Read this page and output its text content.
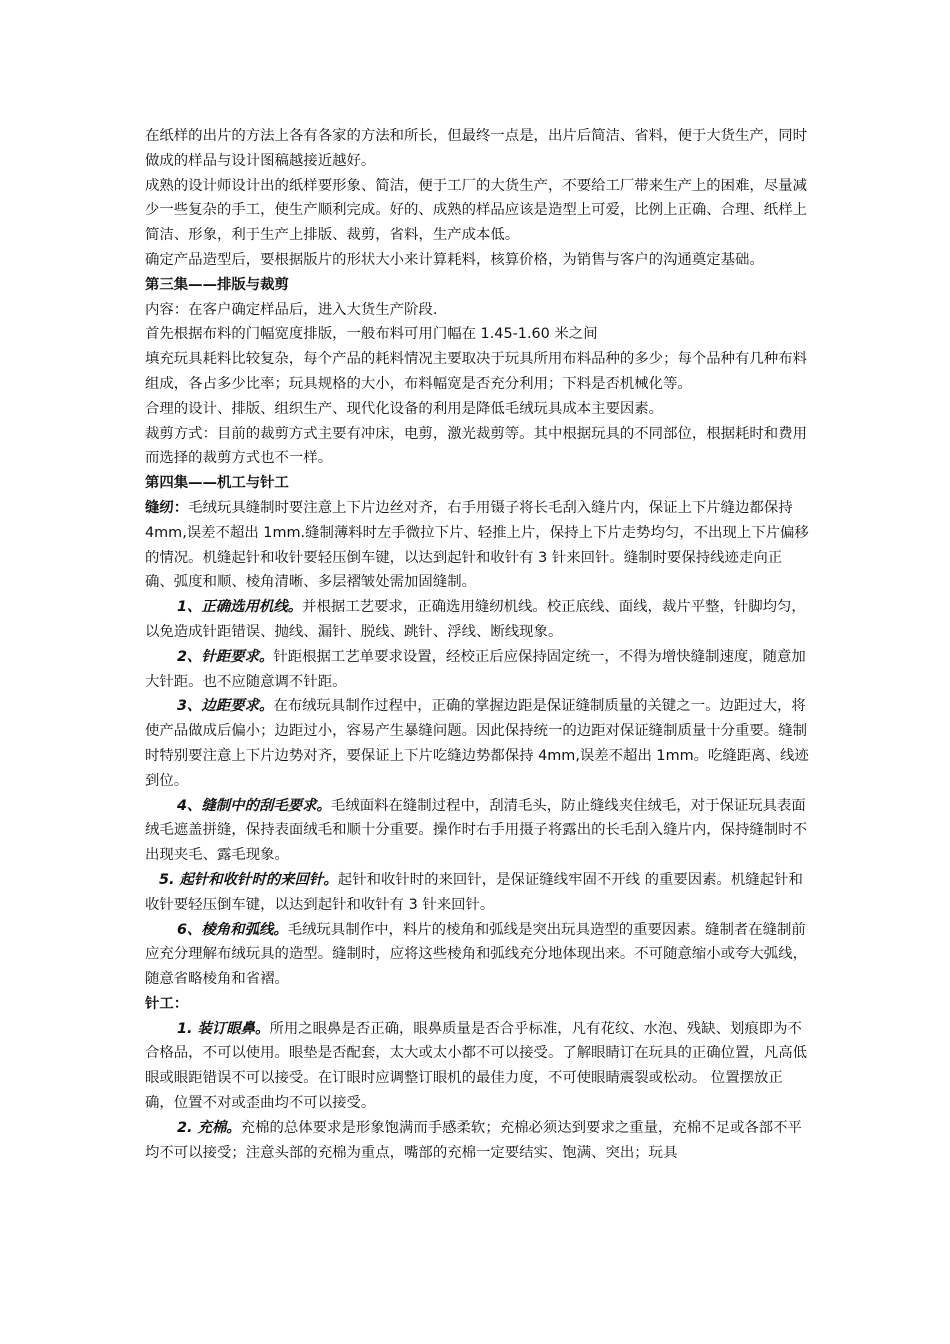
在纸样的出片的方法上各有各家的方法和所长，但最终一点是，出片后简洁、省料，便于大货生产，同时做成的样品与设计图稿越接近越好。

成熟的设计师设计出的纸样要形象、简洁，便于工厂的大货生产，不要给工厂带来生产上的困难，尽量减少一些复杂的手工，使生产顺利完成。好的、成熟的样品应该是造型上可爱，比例上正确、合理、纸样上简洁、形象，利于生产上排版、裁剪，省料，生产成本低。

确定产品造型后，要根据版片的形状大小来计算耗料，核算价格，为销售与客户的沟通奠定基础。

第三集——排版与裁剪

内容：在客户确定样品后，进入大货生产阶段.

首先根据布料的门幅宽度排版，一般布料可用门幅在 1.45-1.60 米之间

填充玩具耗料比较复杂，每个产品的耗料情况主要取决于玩具所用布料品种的多少；每个品种有几种布料组成，各占多少比率；玩具规格的大小，布料幅宽是否充分利用；下料是否机械化等。

合理的设计、排版、组织生产、现代化设备的利用是降低毛绒玩具成本主要因素。

裁剪方式：目前的裁剪方式主要有冲床，电剪，激光裁剪等。其中根据玩具的不同部位，根据耗时和费用而选择的裁剪方式也不一样。

第四集——机工与针工

缝纫：毛绒玩具缝制时要注意上下片边丝对齐，右手用镊子将长毛刮入缝片内，保证上下片缝边都保持 4mm,误差不超出 1mm.缝制薄料时左手微拉下片、轻推上片，保持上下片走势均匀，不出现上下片偏移的情况。机缝起针和收针要轻压倒车键，以达到起针和收针有 3 针来回针。缝制时要保持线迹走向正确、弧度和顺、棱角清晰、多层褶皱处需加固缝制。

1、正确选用机线。并根据工艺要求，正确选用缝纫机线。校正底线、面线，裁片平整，针脚均匀，以免造成针距错误、抛线、漏针、脱线、跳针、浮线、断线现象。

2、针距要求。针距根据工艺单要求设置，经校正后应保持固定统一，不得为增快缝制速度，随意加大针距。也不应随意调不针距。

3、边距要求。在布绒玩具制作过程中，正确的掌握边距是保证缝制质量的关键之一。边距过大，将使产品做成后偏小；边距过小，容易产生暴缝问题。因此保持统一的边距对保证缝制质量十分重要。缝制时特别要注意上下片边势对齐，要保证上下片吃缝边势都保持 4mm,误差不超出 1mm。吃缝距离、线迹到位。

4、缝制中的刮毛要求。毛绒面料在缝制过程中，刮清毛头，防止缝线夹住绒毛，对于保证玩具表面绒毛遮盖拼缝，保持表面绒毛和顺十分重要。操作时右手用摄子将露出的长毛刮入缝片内，保持缝制时不出现夹毛、露毛现象。

5. 起针和收针时的来回针。起针和收针时的来回针，是保证缝线牢固不开线 的重要因素。机缝起针和收针要轻压倒车键，以达到起针和收针有 3 针来回针。

6、棱角和弧线。毛绒玩具制作中，料片的棱角和弧线是突出玩具造型的重要因素。缝制者在缝制前应充分理解布绒玩具的造型。缝制时，应将这些棱角和弧线充分地体现出来。不可随意缩小或夸大弧线，随意省略棱角和省褶。

针工：

1. 装订眼鼻。所用之眼鼻是否正确，眼鼻质量是否合乎标准，凡有花纹、水泡、残缺、划痕即为不合格品，不可以使用。眼垫是否配套，太大或太小都不可以接受。了解眼睛订在玩具的正确位置，凡高低眼或眼距错误不可以接受。在订眼时应调整订眼机的最佳力度，不可使眼睛震裂或松动。 位置摆放正确，位置不对或歪曲均不可以接受。

2. 充棉。充棉的总体要求是形象饱满而手感柔软；充棉必须达到要求之重量，充棉不足或各部不平均不可以接受；注意头部的充棉为重点，嘴部的充棉一定要结实、饱满、突出；玩具
